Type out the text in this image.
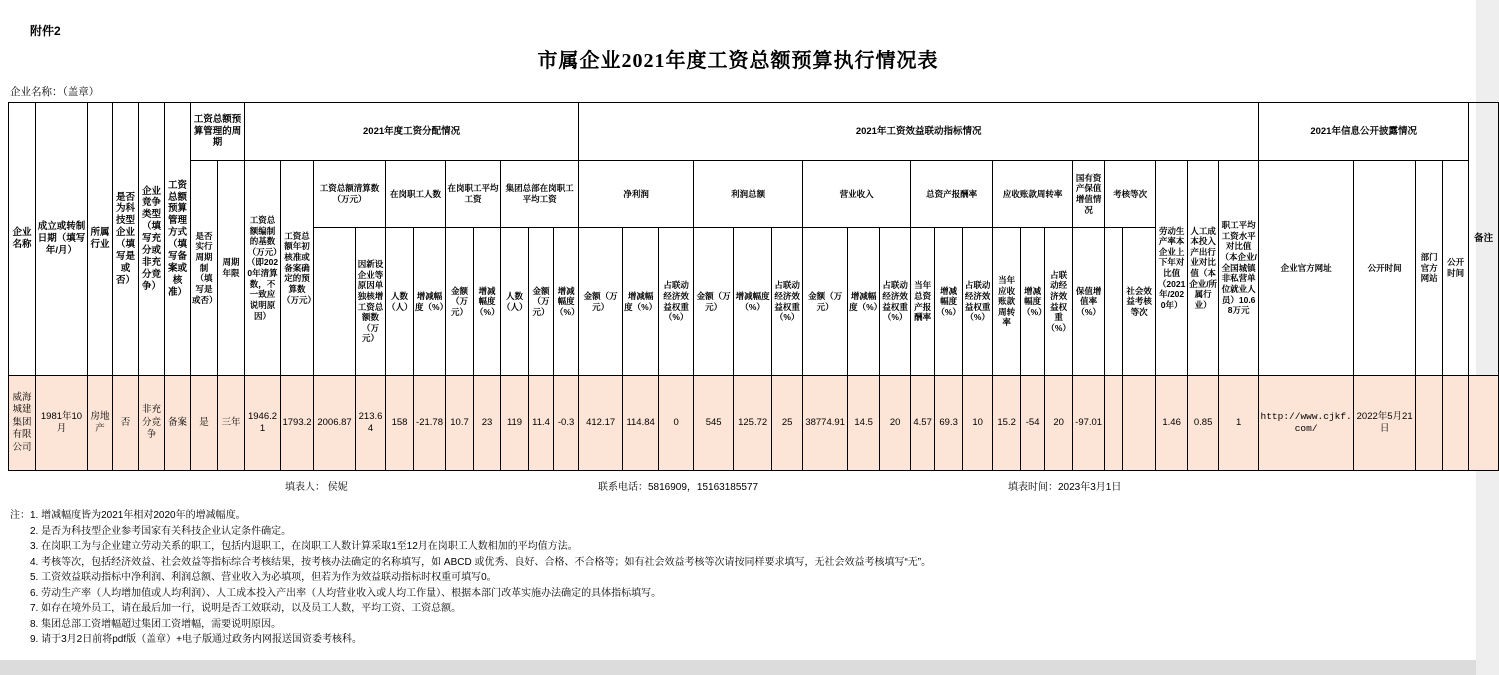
附件2
市属企业2021年度工资总额预算执行情况表
企业名称：（盖章）
企业名称	成立或转制日期（填写年/月）	所属行业	是否为科技型企业（填写是或否）	企业竞争类型（填写充分或非充分竞争）	工资总额预算管理方式（填写备案或核准）	工资总额预算管理的周期		2021年度工资分配情况											2021年工资效益联动指标情况																					2021年信息公开披露情况				备注
						是否实行周期制（填写是或否）	周期年限	工资总额编制的基数（万元）（即2020年清算数，不一致应说明原因）	工资总额年初核准或备案确定的预算数（万元）	工资总额清算数（万元）		在岗职工人数		在岗职工平均工资		集团总部在岗职工平均工资			净利润			利润总额			营业收入			总资产报酬率			应收账款周转率			国有资产保值增值情况	考核等次		劳动生产率本企业上下年对比值（2021年/2020年）	人工成本投入产出行业对比值（本企业/所属行业）	职工平均工资水平对比值（本企业/全国城镇非私营单位就业人员）10.68万元	企业官方网址	公开时间	部门官方网站	公开时间	
											因新设企业等原因单独核增工资总额数（万元）	人数（人）	增减幅度（%）	金额（万元）	增减幅度（%）	人数（人）	金额（万元）	增减幅度（%）	金额（万元）	增减幅度（%）	占联动经济效益权重（%）	金额（万元）	增减幅度（%）	占联动经济效益权重（%）	金额（万元）	增减幅度（%）	占联动经济效益权重（%）	当年总资产报酬率	增减幅度（%）	占联动经济效益权重（%）	当年应收账款周转率	增减幅度（%）	占联动经济效益权重（%）	保值增值率（%）		社会效益考核等次								
威海城建集团有限公司	1981年10月	房地产	否	非充分竞争	备案	是	三年	1946.21	1793.2	2006.87	213.64	158	-21.78	10.7	23	119	11.4	-0.3	412.17	114.84	0	545	125.72	25	38774.91	14.5	20	4.57	69.3	10	15.2	-54	20	-97.01			1.46	0.85	1	http://www.cjkf.com/	2022年5月21日			
填表人： 侯妮	联系电话：5816909，15163185577	填表时间：2023年3月1日
注： 1. 增减幅度皆为2021年相对2020年的增减幅度。
2. 是否为科技型企业参考国家有关科技企业认定条件确定。
3. 在岗职工为与企业建立劳动关系的职工，包括内退职工，在岗职工人数计算采取1至12月在岗职工人数相加的平均值方法。
4. 考核等次，包括经济效益、社会效益等指标综合考核结果，按考核办法确定的名称填写，如 ABCD 或优秀、良好、合格、不合格等；如有社会效益考核等次请按同样要求填写，无社会效益考核填写“无”。
5. 工资效益联动指标中净利润、利润总额、营业收入为必填项，但若为作为效益联动指标时权重可填写0。
6. 劳动生产率（人均增加值或人均利润）、人工成本投入产出率（人均营业收入或人均工作量）、根据本部门改革实施办法确定的具体指标填写。
7. 如存在境外员工，请在最后加一行，说明是否工效联动，以及员工人数，平均工资、工资总额。
8. 集团总部工资增幅超过集团工资增幅，需要说明原因。
9. 请于3月2日前将pdf版（盖章）+电子版通过政务内网报送国资委考核科。
